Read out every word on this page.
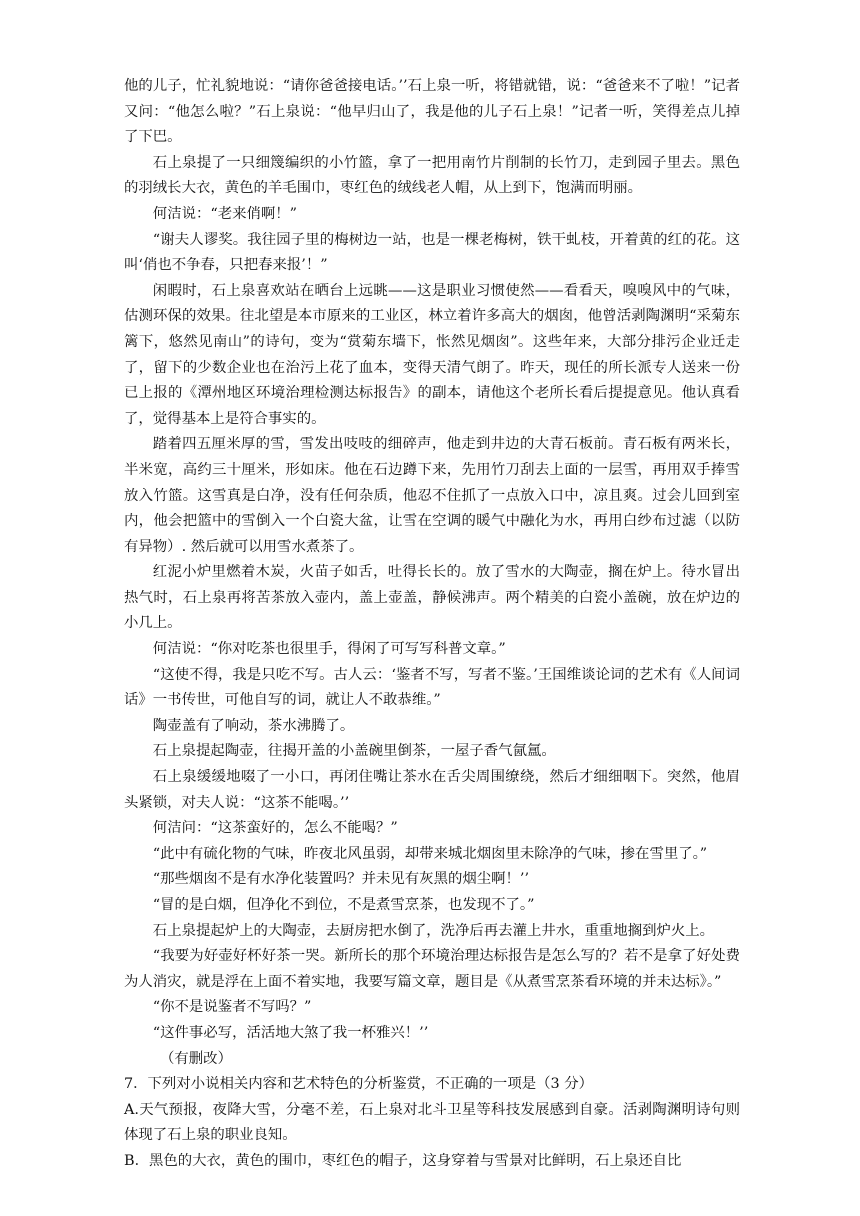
他的儿子，忙礼貌地说：“请你爸爸接电话。’’石上泉一听，将错就错，说：“爸爸来不了啦！”记者又问：“他怎么啦？”石上泉说：“他早归山了，我是他的儿子石上泉！”记者一听，笑得差点儿掉了下巴。

石上泉提了一只细篾编织的小竹篮，拿了一把用南竹片削制的长竹刀，走到园子里去。黑色的羽绒长大衣，黄色的羊毛围巾，枣红色的绒线老人帽，从上到下，饱满而明丽。

何洁说：“老来俏啊！”

“谢夫人谬奖。我往园子里的梅树边一站，也是一棵老梅树，铁干虬枝，开着黄的红的花。这叫‘俏也不争春，只把春来报’！”

闲暇时，石上泉喜欢站在晒台上远眺——这是职业习惯使然——看看天，嗅嗅风中的气味，估测环保的效果。往北望是本市原来的工业区，林立着许多高大的烟囱，他曾活剥陶渊明“采菊东篱下，悠然见南山”的诗句，变为“赏菊东墙下，怅然见烟囱”。这些年来，大部分排污企业迁走了，留下的少数企业也在治污上花了血本，变得天清气朗了。昨天，现任的所长派专人送来一份已上报的《潭州地区环境治理检测达标报告》的副本，请他这个老所长看后提提意见。他认真看了，觉得基本上是符合事实的。

踏着四五厘米厚的雪，雪发出吱吱的细碎声，他走到井边的大青石板前。青石板有两米长，半米宽，高约三十厘米，形如床。他在石边蹲下来，先用竹刀刮去上面的一层雪，再用双手捧雪放入竹篮。这雪真是白净，没有任何杂质，他忍不住抓了一点放入口中，凉且爽。过会儿回到室内，他会把篮中的雪倒入一个白瓷大盆，让雪在空调的暖气中融化为水，再用白纱布过滤（以防有异物）. 然后就可以用雪水煮茶了。

红泥小炉里燃着木炭，火苗子如舌，吐得长长的。放了雪水的大陶壶，搁在炉上。待水冒出热气时，石上泉再将苦茶放入壶内，盖上壶盖，静候沸声。两个精美的白瓷小盖碗，放在炉边的小几上。

何洁说：“你对吃茶也很里手，得闲了可写写科普文章。”

“这使不得，我是只吃不写。古人云：‘鉴者不写，写者不鉴。’王国维谈论词的艺术有《人间词话》一书传世，可他自写的词，就让人不敢恭维。”

陶壶盖有了响动，茶水沸腾了。

石上泉提起陶壶，往揭开盖的小盖碗里倒茶，一屋子香气氤氲。

石上泉缓缓地啜了一小口，再闭住嘴让茶水在舌尖周围缭绕，然后才细细咽下。突然，他眉头紧锁，对夫人说：“这茶不能喝。’’

何洁问：“这茶蛮好的，怎么不能喝？”

“此中有硫化物的气味，昨夜北风虽弱，却带来城北烟囱里未除净的气味，掺在雪里了。”

“那些烟囱不是有水净化装置吗？并未见有灰黑的烟尘啊！’’

“冒的是白烟，但净化不到位，不是煮雪烹茶，也发现不了。”

石上泉提起炉上的大陶壶，去厨房把水倒了，洗净后再去灌上井水，重重地搁到炉火上。

“我要为好壶好杯好茶一哭。新所长的那个环境治理达标报告是怎么写的？若不是拿了好处费为人消灾，就是浮在上面不着实地，我要写篇文章，题目是《从煮雪烹茶看环境的并未达标》。”

“你不是说鉴者不写吗？”

“这件事必写，活活地大煞了我一杯雅兴！’’

（有删改）

7．下列对小说相关内容和艺术特色的分析鉴赏，不正确的一项是（3 分）

A.天气预报，夜降大雪，分毫不差，石上泉对北斗卫星等科技发展感到自豪。活剥陶渊明诗句则体现了石上泉的职业良知。

B．黑色的大衣，黄色的围巾，枣红色的帽子，这身穿着与雪景对比鲜明，石上泉还自比
